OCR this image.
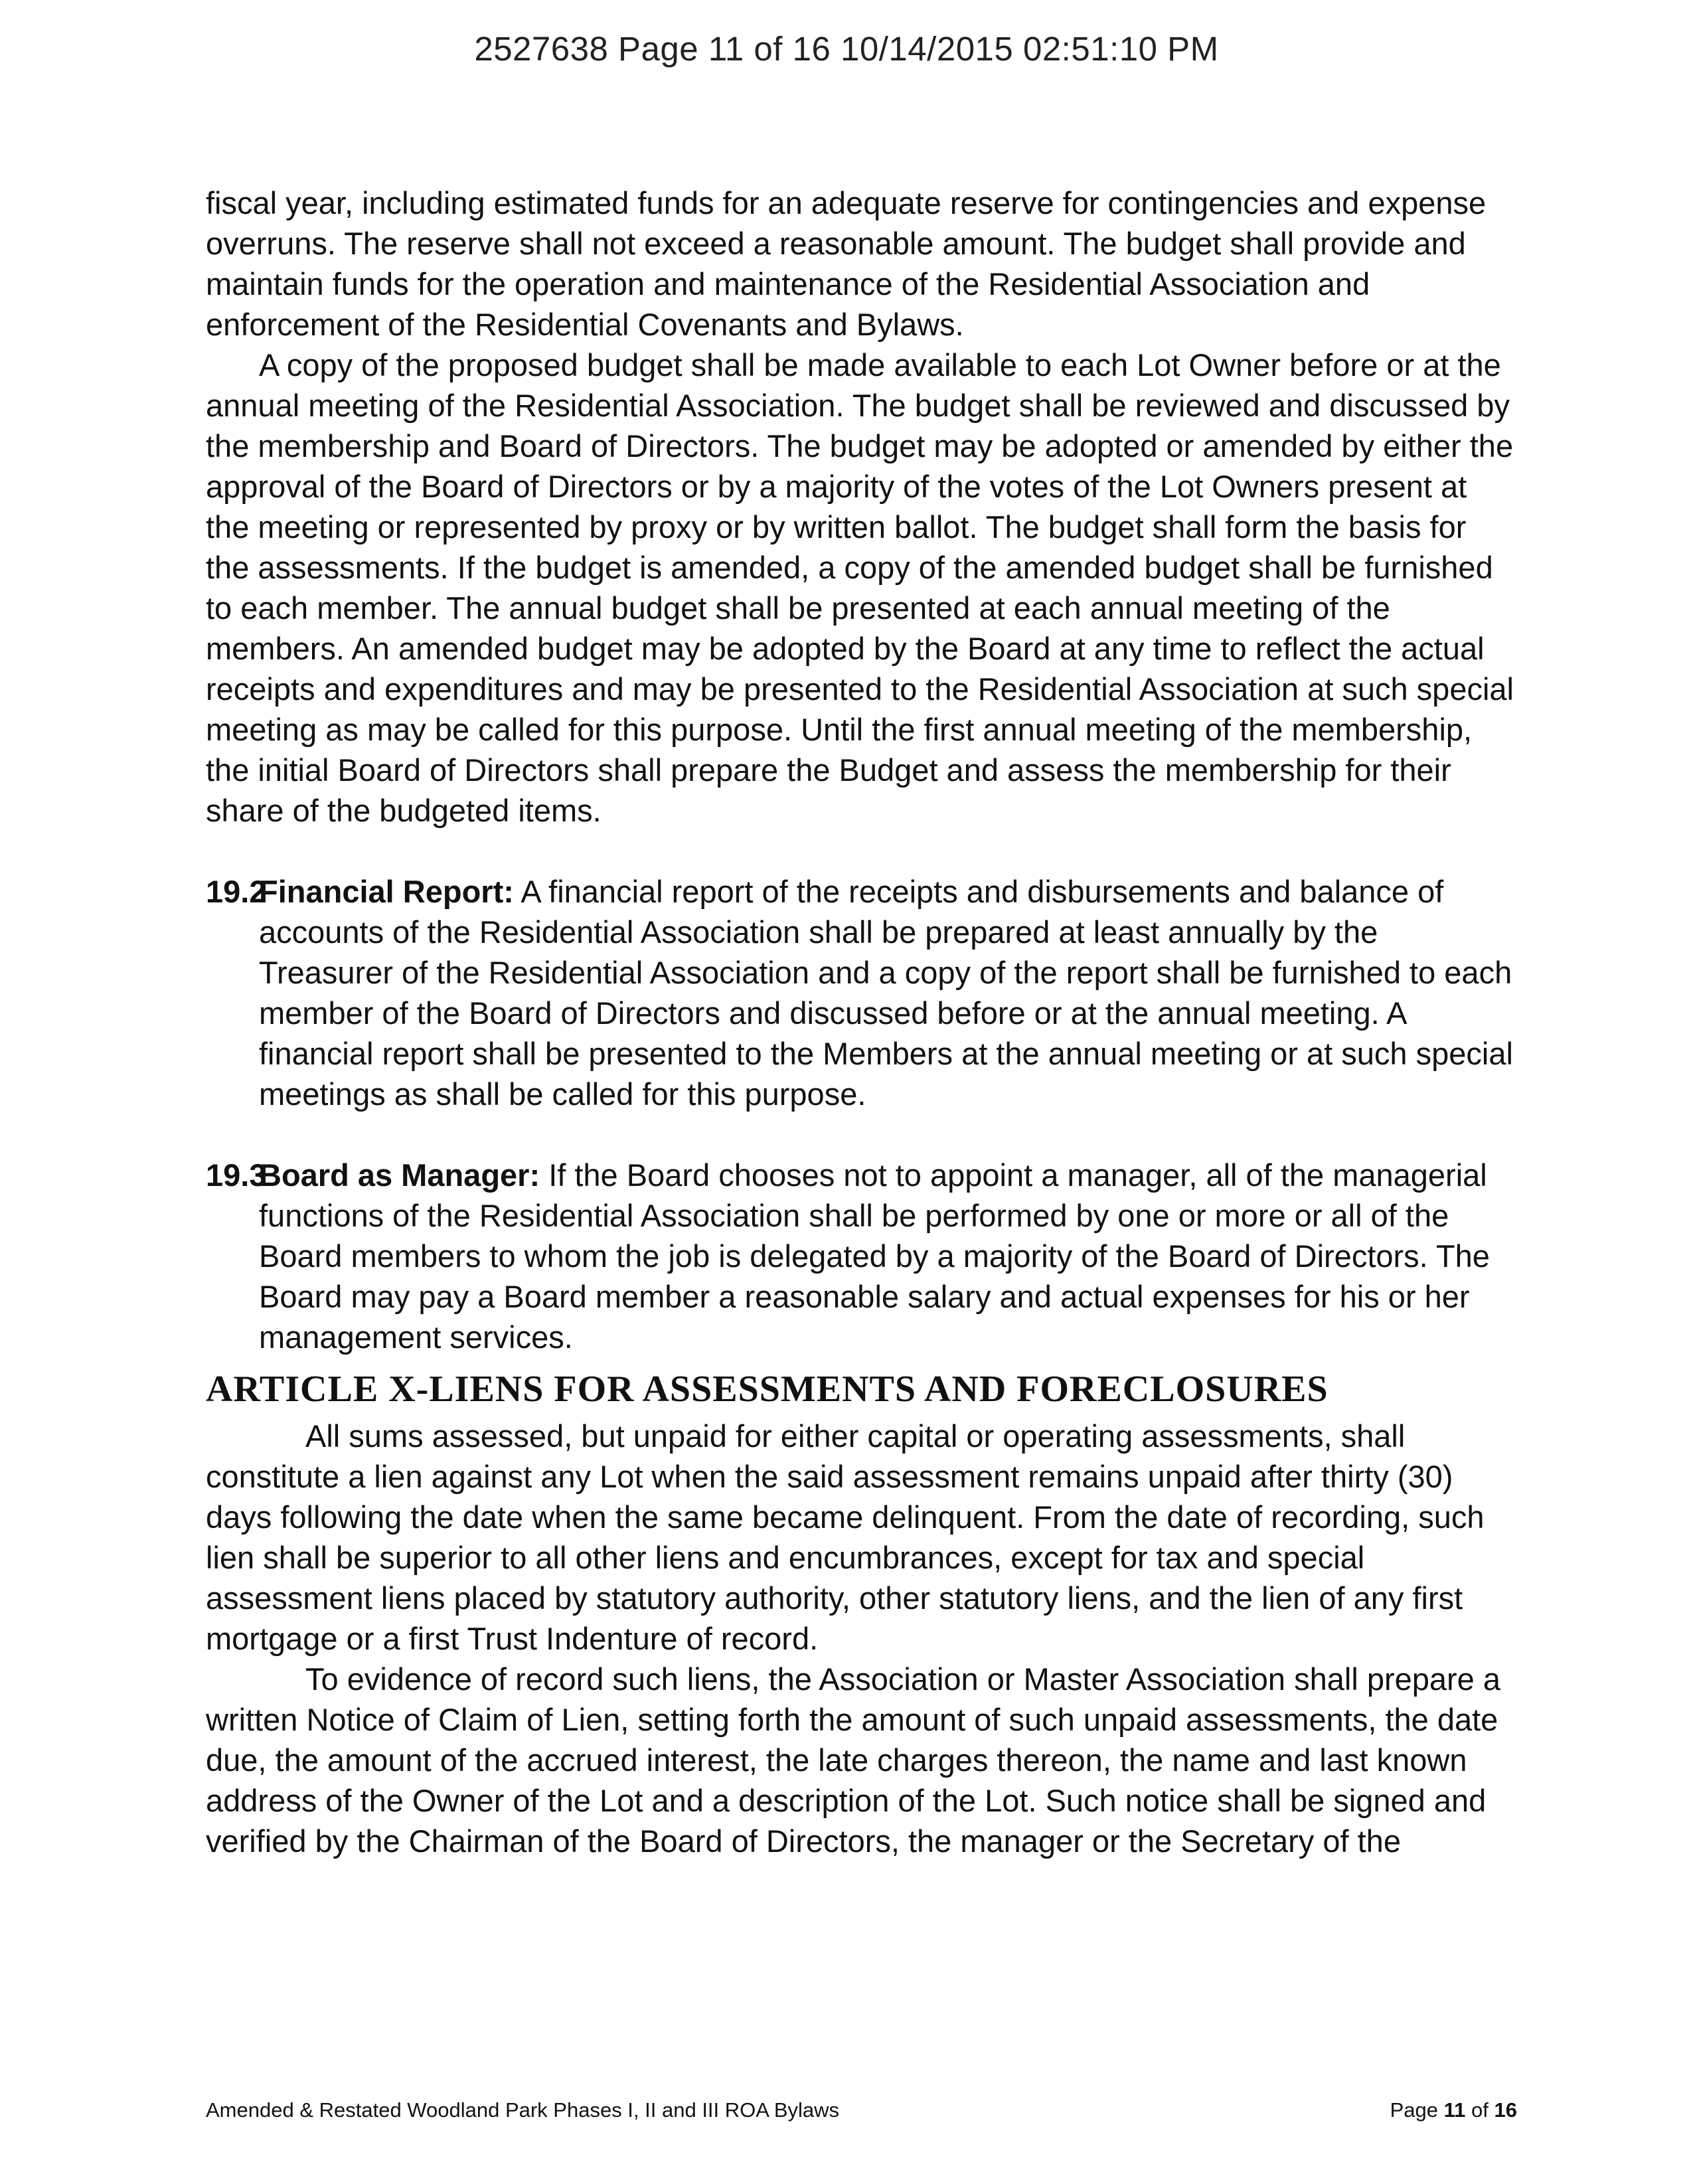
2527638 Page 11 of 16 10/14/2015 02:51:10 PM

fiscal year, including estimated funds for an adequate reserve for contingencies and expense overruns. The reserve shall not exceed a reasonable amount. The budget shall provide and maintain funds for the operation and maintenance of the Residential Association and enforcement of the Residential Covenants and Bylaws.

A copy of the proposed budget shall be made available to each Lot Owner before or at the annual meeting of the Residential Association. The budget shall be reviewed and discussed by the membership and Board of Directors. The budget may be adopted or amended by either the approval of the Board of Directors or by a majority of the votes of the Lot Owners present at the meeting or represented by proxy or by written ballot. The budget shall form the basis for the assessments. If the budget is amended, a copy of the amended budget shall be furnished to each member. The annual budget shall be presented at each annual meeting of the members. An amended budget may be adopted by the Board at any time to reflect the actual receipts and expenditures and may be presented to the Residential Association at such special meeting as may be called for this purpose. Until the first annual meeting of the membership, the initial Board of Directors shall prepare the Budget and assess the membership for their share of the budgeted items.

19.2
Financial Report: A financial report of the receipts and disbursements and balance of accounts of the Residential Association shall be prepared at least annually by the Treasurer of the Residential Association and a copy of the report shall be furnished to each member of the Board of Directors and discussed before or at the annual meeting. A financial report shall be presented to the Members at the annual meeting or at such special meetings as shall be called for this purpose.
19.3
Board as Manager: If the Board chooses not to appoint a manager, all of the managerial functions of the Residential Association shall be performed by one or more or all of the Board members to whom the job is delegated by a majority of the Board of Directors. The Board may pay a Board member a reasonable salary and actual expenses for his or her management services.
ARTICLE X-LIENS FOR ASSESSMENTS AND FORECLOSURES

All sums assessed, but unpaid for either capital or operating assessments, shall constitute a lien against any Lot when the said assessment remains unpaid after thirty (30) days following the date when the same became delinquent. From the date of recording, such lien shall be superior to all other liens and encumbrances, except for tax and special assessment liens placed by statutory authority, other statutory liens, and the lien of any first mortgage or a first Trust Indenture of record.

To evidence of record such liens, the Association or Master Association shall prepare a written Notice of Claim of Lien, setting forth the amount of such unpaid assessments, the date due, the amount of the accrued interest, the late charges thereon, the name and last known address of the Owner of the Lot and a description of the Lot. Such notice shall be signed and verified by the Chairman of the Board of Directors, the manager or the Secretary of the

Amended & Restated Woodland Park Phases I, II and III ROA Bylaws	Page 11 of 16
